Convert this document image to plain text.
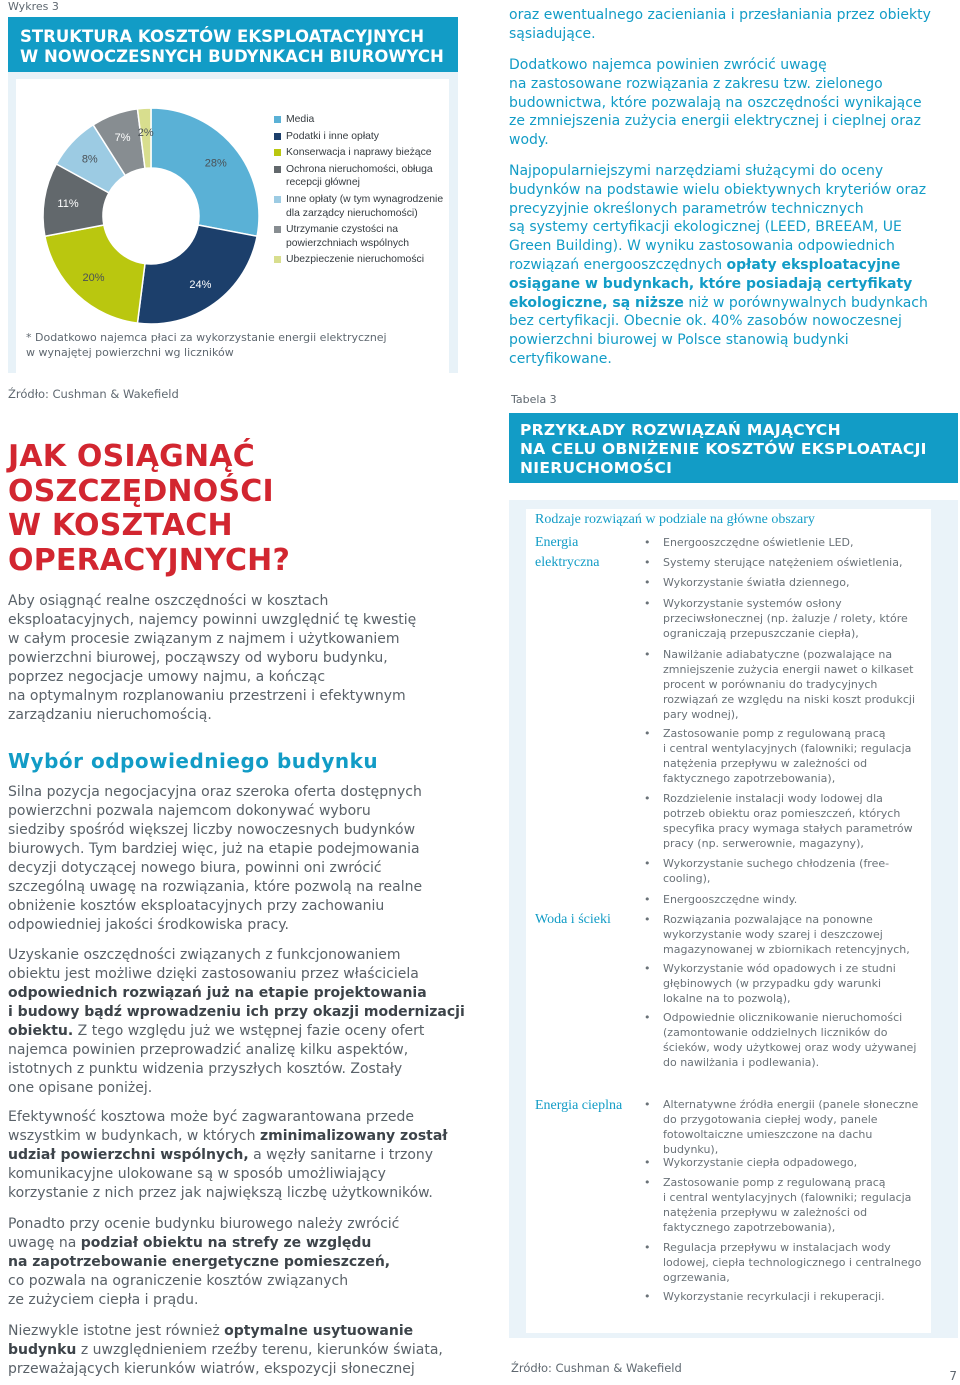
Wykres 3
STRUKTURA KOSZTÓW EKSPLOATACYJNYCH
W NOWOCZESNYCH BUDYNKACH BIUROWYCH
28%
24%
20%
11%
8%
7% 2%
Media
Podatki i inne opłaty
Konserwacja i naprawy bieżące
Ochrona nieruchomości, obługa
recepcji głównej
Inne opłaty (w tym wynagrodzenie
dla zarządcy nieruchomości)
Utrzymanie czystości na
powierzchniach wspólnych
Ubezpieczenie nieruchomości
* Dodatkowo najemca płaci za wykorzystanie energii elektrycznej
w wynajętej powierzchni wg liczników
Źródło: Cushman & Wakefield
JAK OSIĄGNĄĆ
OSZCZĘDNOŚCI
W KOSZTACH
OPERACYJNYCH?
Aby osiągnąć realne oszczędności w kosztach
eksploatacyjnych, najemcy powinni uwzględnić tę kwestię
w całym procesie związanym z najmem i użytkowaniem
powierzchni biurowej, począwszy od wyboru budynku,
poprzez negocjacje umowy najmu, a kończąc
na optymalnym rozplanowaniu przestrzeni i efektywnym
zarządzaniu nieruchomością.
Wybór odpowiedniego budynku
Silna pozycja negocjacyjna oraz szeroka oferta dostępnych
powierzchni pozwala najemcom dokonywać wyboru
siedziby spośród większej liczby nowoczesnych budynków
biurowych. Tym bardziej więc, już na etapie podejmowania
decyzji dotyczącej nowego biura, powinni oni zwrócić
szczególną uwagę na rozwiązania, które pozwolą na realne
obniżenie kosztów eksploatacyjnych przy zachowaniu
odpowiedniej jakości środkowiska pracy.
Uzyskanie oszczędności związanych z funkcjonowaniem
obiektu jest możliwe dzięki zastosowaniu przez właściciela
odpowiednich rozwiązań już na etapie projektowania
i budowy bądź wprowadzeniu ich przy okazji modernizacji
obiektu. Z tego względu już we wstępnej fazie oceny ofert
najemca powinien przeprowadzić analizę kilku aspektów,
istotnych z punktu widzenia przyszłych kosztów. Zostały
one opisane poniżej.
Efektywność kosztowa może być zagwarantowana przede
wszystkim w budynkach, w których zminimalizowany został
udział powierzchni wspólnych, a węzły sanitarne i trzony
komunikacyjne ulokowane są w sposób umożliwiający
korzystanie z nich przez jak największą liczbę użytkowników.
Ponadto przy ocenie budynku biurowego należy zwrócić
uwagę na podział obiektu na strefy ze względu
na zapotrzebowanie energetyczne pomieszczeń,
co pozwala na ograniczenie kosztów związanych
ze zużyciem ciepła i prądu.
Niezwykle istotne jest również optymalne usytuowanie
budynku z uwzględnieniem rzeźby terenu, kierunków świata,
przeważających kierunków wiatrów, ekspozycji słonecznej
oraz ewentualnego zacieniania i przesłaniania przez obiekty
sąsiadujące.
Dodatkowo najemca powinien zwrócić uwagę
na zastosowane rozwiązania z zakresu tzw. zielonego
budownictwa, które pozwalają na oszczędności wynikające
ze zmniejszenia zużycia energii elektrycznej i cieplnej oraz
wody.
Najpopularniejszymi narzędziami służącymi do oceny
budynków na podstawie wielu obiektywnych kryteriów oraz
precyzyjnie określonych parametrów technicznych
są systemy certyfikacji ekologicznej (LEED, BREEAM, UE
Green Building). W wyniku zastosowania odpowiednich
rozwiązań energooszczędnych opłaty eksploatacyjne
osiągane w budynkach, które posiadają certyfikaty
ekologiczne, są niższe niż w porównywalnych budynkach
bez certyfikacji. Obecnie ok. 40% zasobów nowoczesnej
powierzchni biurowej w Polsce stanowią budynki
certyfikowane.
Tabela 3
PRZYKŁADY ROZWIĄZAŃ MAJĄCYCH
NA CELU OBNIŻENIE KOSZTÓW EKSPLOATACJI
NIERUCHOMOŚCI
Rodzaje rozwiązań w podziale na główne obszary
Energia
elektryczna
Woda i ścieki
Energia cieplna
• Energooszczędne oświetlenie LED,
• Systemy sterujące natężeniem oświetlenia,
• Wykorzystanie światła dziennego,
• Wykorzystanie systemów osłony
przeciwsłonecznej (np. żaluzje / rolety, które
ograniczają przepuszczanie ciepła),
• Nawilżanie adiabatyczne (pozwalające na
zmniejszenie zużycia energii nawet o kilkaset
procent w porównaniu do tradycyjnych
rozwiązań ze względu na niski koszt produkcji
pary wodnej),
• Zastosowanie pomp z regulowaną pracą
i central wentylacyjnych (falowniki; regulacja
natężenia przepływu w zależności od
faktycznego zapotrzebowania),
• Rozdzielenie instalacji wody lodowej dla
potrzeb obiektu oraz pomieszczeń, których
specyfika pracy wymaga stałych parametrów
pracy (np. serwerownie, magazyny),
• Wykorzystanie suchego chłodzenia (free-
cooling),
• Energooszczędne windy.
• Rozwiązania pozwalające na ponowne
wykorzystanie wody szarej i deszczowej
magazynowanej w zbiornikach retencyjnych,
• Wykorzystanie wód opadowych i ze studni
głębinowych (w przypadku gdy warunki
lokalne na to pozwolą),
• Odpowiednie olicznikowanie nieruchomości
(zamontowanie oddzielnych liczników do
ścieków, wody użytkowej oraz wody używanej
do nawilżania i podlewania).
• Alternatywne źródła energii (panele słoneczne
do przygotowania ciepłej wody, panele
fotowoltaiczne umieszczone na dachu
budynku),
• Wykorzystanie ciepła odpadowego,
• Zastosowanie pomp z regulowaną pracą
i central wentylacyjnych (falowniki; regulacja
natężenia przepływu w zależności od
faktycznego zapotrzebowania),
• Regulacja przepływu w instalacjach wody
lodowej, ciepła technologicznego i centralnego
ogrzewania,
• Wykorzystanie recyrkulacji i rekuperacji.
Źródło: Cushman & Wakefield
7
